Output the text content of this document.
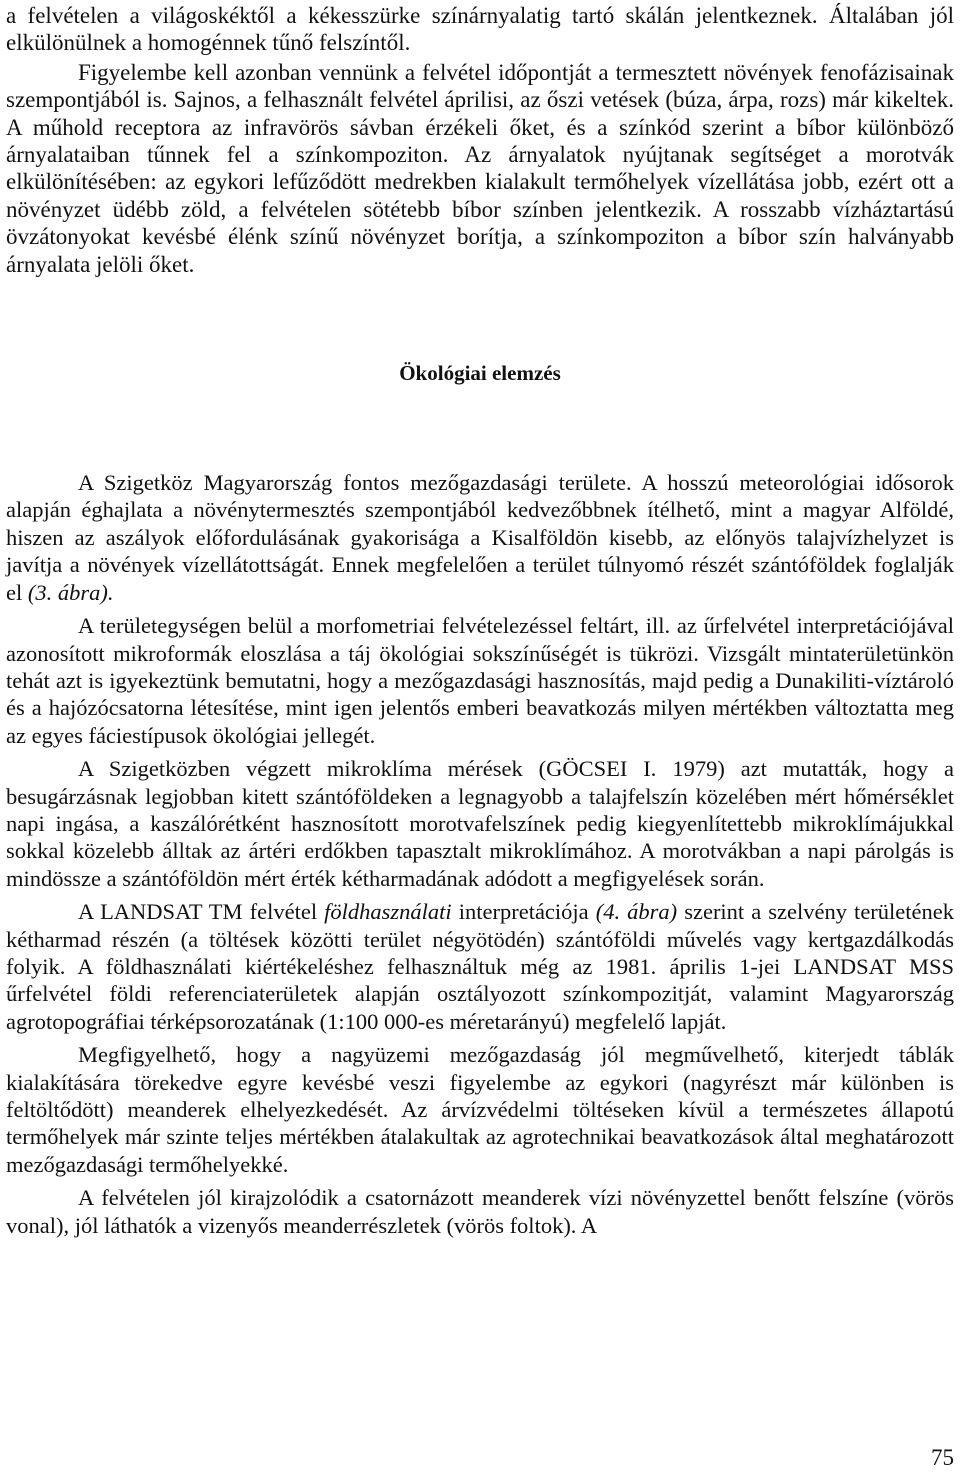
a felvételen a világoskéktől a kékesszürke színárnyalatig tartó skálán jelentkeznek. Általában jól elkülönülnek a homogénnek tűnő felszíntől.

Figyelembe kell azonban vennünk a felvétel időpontját a termesztett növények fenofázisainak szempontjából is. Sajnos, a felhasznált felvétel áprilisi, az őszi vetések (búza, árpa, rozs) már kikeltek. A műhold receptora az infravörös sávban érzékeli őket, és a színkód szerint a bíbor különböző árnyalataiban tűnnek fel a színkompoziton. Az árnyalatok nyújtanak segítséget a morotvák elkülönítésében: az egykori lefűződött medrekben kialakult termőhelyek vízellátása jobb, ezért ott a növényzet üdébb zöld, a felvételen sötétebb bíbor színben jelentkezik. A rosszabb vízháztartású övzátonyokat kevésbé élénk színű növényzet borítja, a színkompoziton a bíbor szín halványabb árnyalata jelöli őket.

Ökológiai elemzés

A Szigetköz Magyarország fontos mezőgazdasági területe. A hosszú meteorológiai idősorok alapján éghajlata a növénytermesztés szempontjából kedvezőbbnek ítélhető, mint a magyar Alföldé, hiszen az aszályok előfordulásának gyakorisága a Kisalföldön kisebb, az előnyös talajvízhelyzet is javítja a növények vízellátottságát. Ennek megfelelően a terület túlnyomó részét szántóföldek foglalják el (3. ábra).

A területegységen belül a morfometriai felvételezéssel feltárt, ill. az űrfelvétel interpretációjával azonosított mikroformák eloszlása a táj ökológiai sokszínűségét is tükrözi. Vizsgált mintaterületünkön tehát azt is igyekeztünk bemutatni, hogy a mezőgazdasági hasznosítás, majd pedig a Dunakiliti-víztároló és a hajózócsatorna létesítése, mint igen jelentős emberi beavatkozás milyen mértékben változtatta meg az egyes fáciestípusok ökológiai jellegét.

A Szigetközben végzett mikroklíma mérések (GÖCSEI I. 1979) azt mutatták, hogy a besugárzásnak legjobban kitett szántóföldeken a legnagyobb a talajfelszín közelében mért hőmérséklet napi ingása, a kaszálórétként hasznosított morotvafelszínek pedig kiegyenlítettebb mikroklímájukkal sokkal közelebb álltak az ártéri erdőkben tapasztalt mikroklímához. A morotvákban a napi párolgás is mindössze a szántóföldön mért érték kétharmadának adódott a megfigyelések során.

A LANDSAT TM felvétel földhasználati interpretációja (4. ábra) szerint a szelvény területének kétharmad részén (a töltések közötti terület négyötödén) szántóföldi művelés vagy kertgazdálkodás folyik. A földhasználati kiértékeléshez felhasználtuk még az 1981. április 1-jei LANDSAT MSS űrfelvétel földi referenciaterületek alapján osztályozott színkompozitját, valamint Magyarország agrotopográfiai térképsorozatának (1:100 000-es méretarányú) megfelelő lapját.

Megfigyelhető, hogy a nagyüzemi mezőgazdaság jól megművelhető, kiterjedt táblák kialakítására törekedve egyre kevésbé veszi figyelembe az egykori (nagyrészt már különben is feltöltődött) meanderek elhelyezkedését. Az árvízvédelmi töltéseken kívül a természetes állapotú termőhelyek már szinte teljes mértékben átalakultak az agrotechnikai beavatkozások által meghatározott mezőgazdasági termőhelyekké.

A felvételen jól kirajzolódik a csatornázott meanderek vízi növényzettel benőtt felszíne (vörös vonal), jól láthatók a vizenyős meanderrészletek (vörös foltok). A

75
